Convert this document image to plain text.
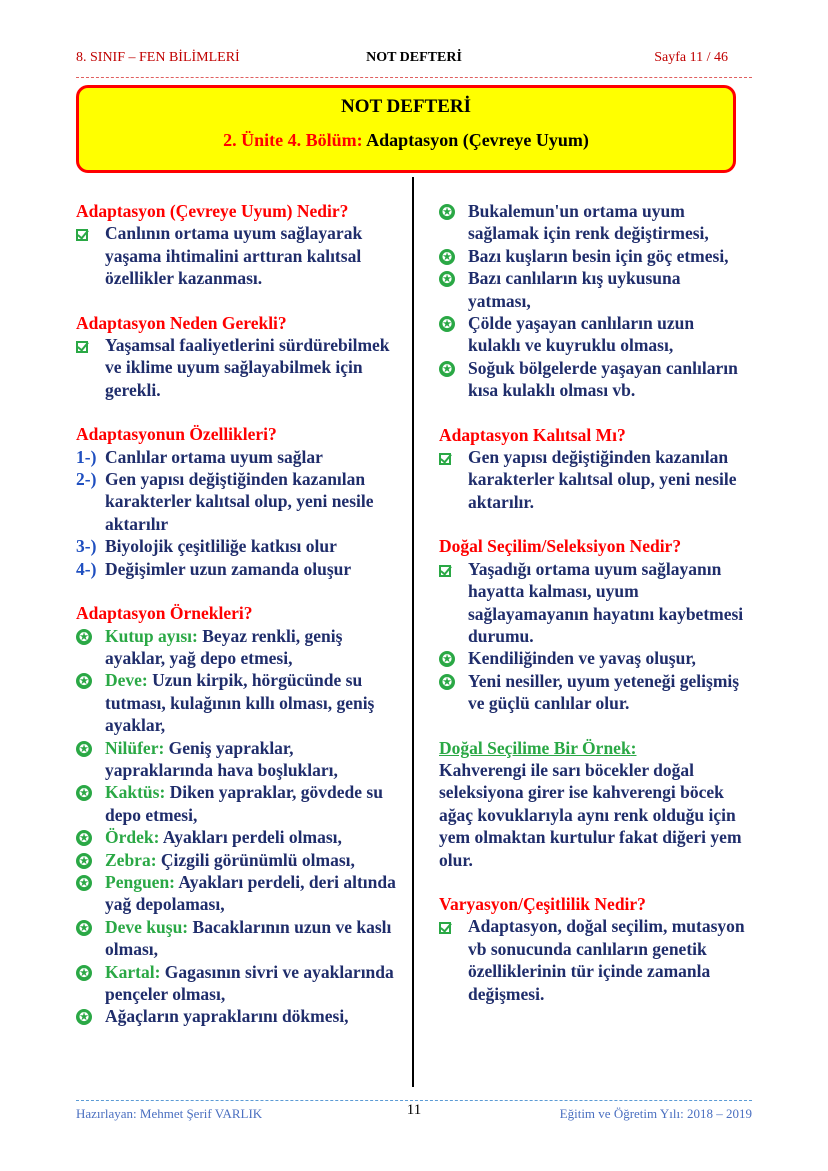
8. SINIF – FEN BİLİMLERİ	NOT DEFTERİ	Sayfa 11 / 46
NOT DEFTERİ
2. Ünite 4. Bölüm: Adaptasyon (Çevreye Uyum)
Adaptasyon (Çevreye Uyum) Nedir?
Canlının ortama uyum sağlayarak yaşama ihtimalini arttıran kalıtsal özellikler kazanması.
Adaptasyon Neden Gerekli?
Yaşamsal faaliyetlerini sürdürebilmek ve iklime uyum sağlayabilmek için gerekli.
Adaptasyonun Özellikleri?
1-) Canlılar ortama uyum sağlar
2-) Gen yapısı değiştiğinden kazanılan karakterler kalıtsal olup, yeni nesile aktarılır
3-) Biyolojik çeşitliliğe katkısı olur
4-) Değişimler uzun zamanda oluşur
Adaptasyon Örnekleri?
✪ Kutup ayısı: Beyaz renkli, geniş ayaklar, yağ depo etmesi,
✪ Deve: Uzun kirpik, hörgücünde su tutması, kulağının kıllı olması, geniş ayaklar,
✪ Nilüfer: Geniş yapraklar, yapraklarında hava boşlukları,
✪ Kaktüs: Diken yapraklar, gövdede su depo etmesi,
✪ Ördek: Ayakları perdeli olması,
✪ Zebra: Çizgili görünümlü olması,
✪ Penguen: Ayakları perdeli, deri altında yağ depolaması,
✪ Deve kuşu: Bacaklarının uzun ve kaslı olması,
✪ Kartal: Gagasının sivri ve ayaklarında pençeler olması,
✪ Ağaçların yapraklarını dökmesi,
✪ Bukalemun'un ortama uyum sağlamak için renk değiştirmesi,
✪ Bazı kuşların besin için göç etmesi,
✪ Bazı canlıların kış uykusuna yatması,
✪ Çölde yaşayan canlıların uzun kulaklı ve kuyruklu olması,
✪ Soğuk bölgelerde yaşayan canlıların kısa kulaklı olması vb.
Adaptasyon Kalıtsal Mı?
Gen yapısı değiştiğinden kazanılan karakterler kalıtsal olup, yeni nesile aktarılır.
Doğal Seçilim/Seleksiyon Nedir?
Yaşadığı ortama uyum sağlayanın hayatta kalması, uyum sağlayamayanın hayatını kaybetmesi durumu.
✪ Kendiliğinden ve yavaş oluşur,
✪ Yeni nesiller, uyum yeteneği gelişmiş ve güçlü canlılar olur.
Doğal Seçilime Bir Örnek:
Kahverengi ile sarı böcekler doğal seleksiyona girer ise kahverengi böcek ağaç kovuklarıyla aynı renk olduğu için yem olmaktan kurtulur fakat diğeri yem olur.
Varyasyon/Çeşitlilik Nedir?
Adaptasyon, doğal seçilim, mutasyon vb sonucunda canlıların genetik özelliklerinin tür içinde zamanla değişmesi.
Hazırlayan: Mehmet Şerif VARLIK	11	Eğitim ve Öğretim Yılı: 2018 – 2019
